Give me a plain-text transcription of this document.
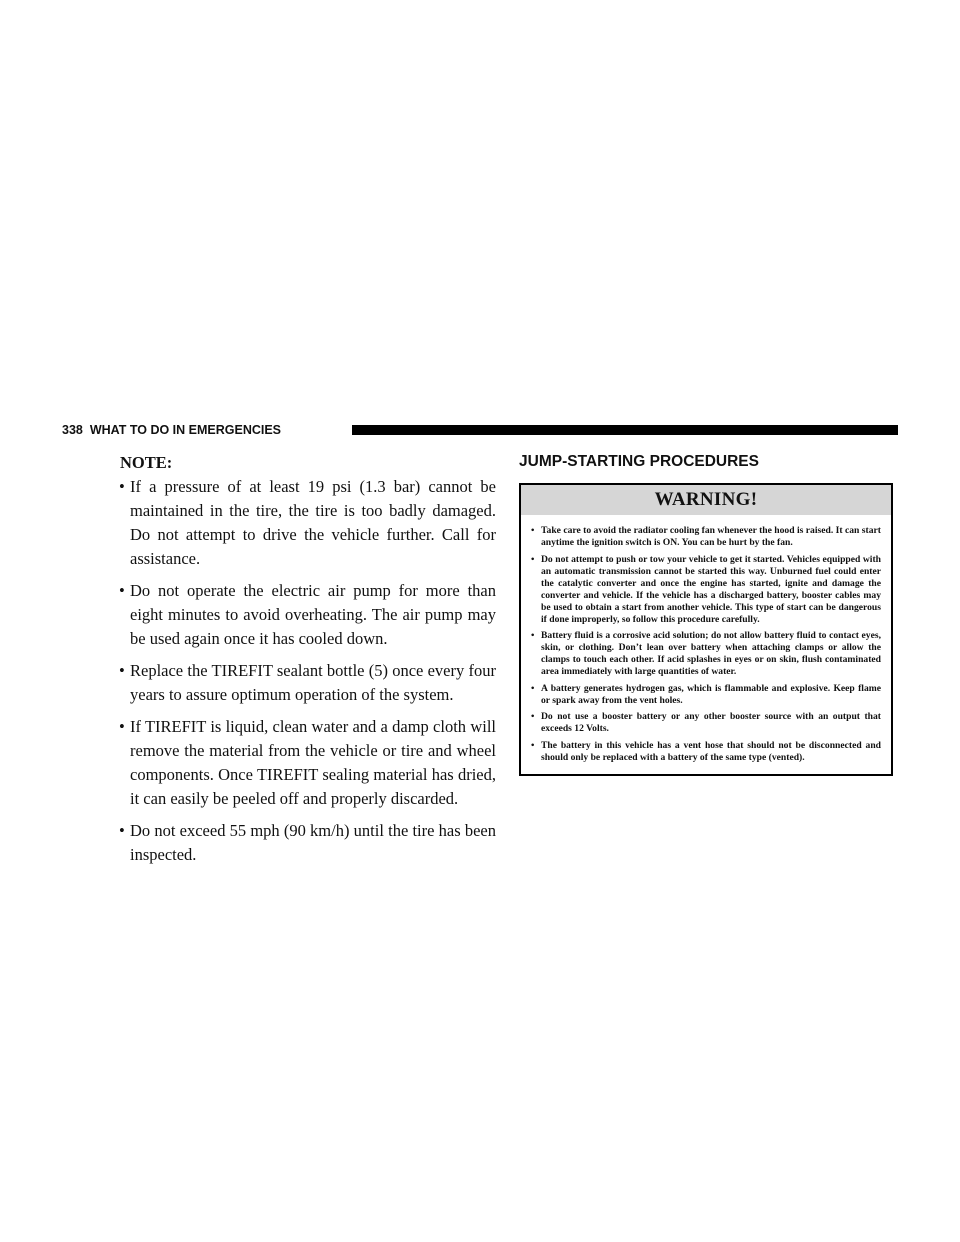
338 WHAT TO DO IN EMERGENCIES
NOTE:
• If a pressure of at least 19 psi (1.3 bar) cannot be maintained in the tire, the tire is too badly damaged. Do not attempt to drive the vehicle further. Call for assistance.
• Do not operate the electric air pump for more than eight minutes to avoid overheating. The air pump may be used again once it has cooled down.
• Replace the TIREFIT sealant bottle (5) once every four years to assure optimum operation of the system.
• If TIREFIT is liquid, clean water and a damp cloth will remove the material from the vehicle or tire and wheel components. Once TIREFIT sealing material has dried, it can easily be peeled off and properly discarded.
• Do not exceed 55 mph (90 km/h) until the tire has been inspected.
JUMP-STARTING PROCEDURES
WARNING!
• Take care to avoid the radiator cooling fan whenever the hood is raised. It can start anytime the ignition switch is ON. You can be hurt by the fan.
• Do not attempt to push or tow your vehicle to get it started. Vehicles equipped with an automatic transmission cannot be started this way. Unburned fuel could enter the catalytic converter and once the engine has started, ignite and damage the converter and vehicle. If the vehicle has a discharged battery, booster cables may be used to obtain a start from another vehicle. This type of start can be dangerous if done improperly, so follow this procedure carefully.
• Battery fluid is a corrosive acid solution; do not allow battery fluid to contact eyes, skin, or clothing. Don’t lean over battery when attaching clamps or allow the clamps to touch each other. If acid splashes in eyes or on skin, flush contaminated area immediately with large quantities of water.
• A battery generates hydrogen gas, which is flammable and explosive. Keep flame or spark away from the vent holes.
• Do not use a booster battery or any other booster source with an output that exceeds 12 Volts.
• The battery in this vehicle has a vent hose that should not be disconnected and should only be replaced with a battery of the same type (vented).
